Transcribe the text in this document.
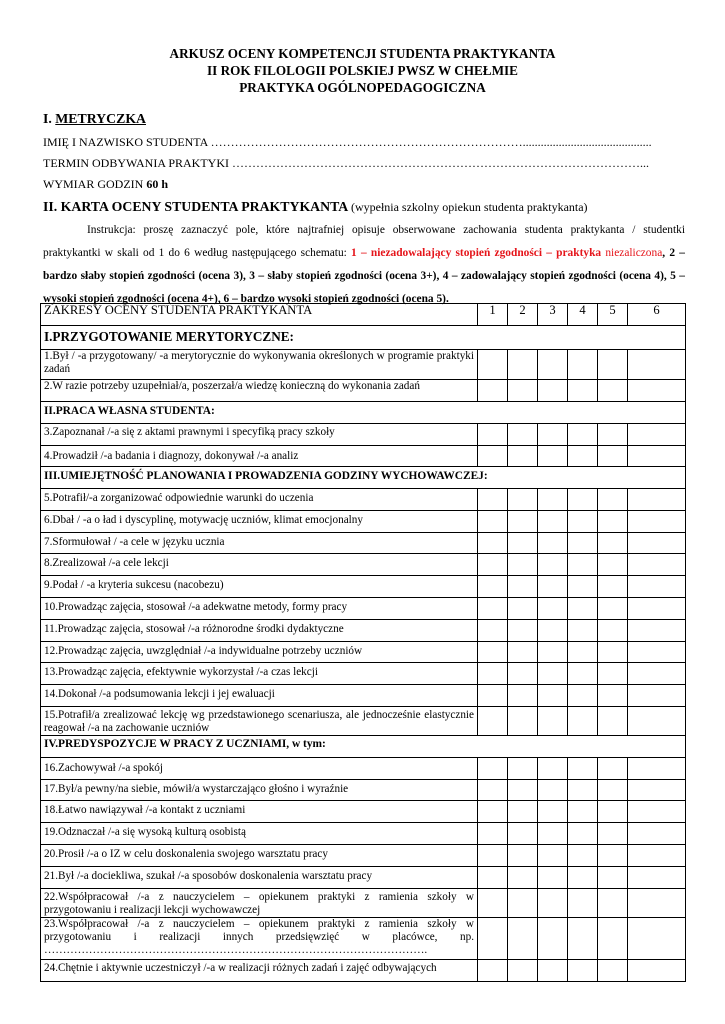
ARKUSZ OCENY KOMPETENCJI STUDENTA PRAKTYKANTA
II ROK FILOLOGII POLSKIEJ PWSZ W CHEŁMIE
PRAKTYKA OGÓLNOPEDAGOGICZNA
I. METRYCZKA
IMIĘ I NAZWISKO STUDENTA ……………………………………………………………………...........................................
TERMIN ODBYWANIA PRAKTYKI …………………………………………………………………………………………...
WYMIAR GODZIN 60 h
II. KARTA OCENY STUDENTA PRAKTYKANTA (wypełnia szkolny opiekun studenta praktykanta)
Instrukcja: proszę zaznaczyć pole, które najtrafniej opisuje obserwowane zachowania studenta praktykanta / studentki praktykantki w skali od 1 do 6 według następującego schematu: 1 – niezadowalający stopień zgodności – praktyka niezaliczona, 2 – bardzo słaby stopień zgodności (ocena 3), 3 – słaby stopień zgodności (ocena 3+), 4 – zadowalający stopień zgodności (ocena 4), 5 – wysoki stopień zgodności (ocena 4+), 6 – bardzo wysoki stopień zgodności (ocena 5).
ZAKRESY OCENY STUDENTA PRAKTYKANTA	1	2	3	4	5	6
I.PRZYGOTOWANIE MERYTORYCZNE:						
1.Był / -a przygotowany/ -a merytorycznie do wykonywania określonych w programie praktyki zadań						
2.W razie potrzeby uzupełniał/a, poszerzał/a wiedzę konieczną do wykonania zadań						
II.PRACA WŁASNA STUDENTA:						
3.Zapoznanał /-a się z aktami prawnymi i specyfiką pracy szkoły						
4.Prowadził /-a badania i diagnozy, dokonywał /-a analiz						
III.UMIEJĘTNOŚĆ PLANOWANIA I PROWADZENIA GODZINY WYCHOWAWCZEJ:						
5.Potrafił/-a zorganizować odpowiednie warunki do uczenia						
6.Dbał / -a o ład i dyscyplinę, motywację uczniów, klimat emocjonalny						
7.Sformułował / -a cele w języku ucznia						
8.Zrealizował /-a cele lekcji						
9.Podał / -a kryteria sukcesu (nacobezu)						
10.Prowadząc zajęcia, stosował /-a adekwatne metody, formy pracy						
11.Prowadząc zajęcia, stosował /-a różnorodne środki dydaktyczne						
12.Prowadząc zajęcia, uwzględniał /-a indywidualne potrzeby uczniów						
13.Prowadząc zajęcia, efektywnie wykorzystał /-a czas lekcji						
14.Dokonał /-a podsumowania lekcji i jej ewaluacji						
15.Potrafił/a zrealizować lekcję wg przedstawionego scenariusza, ale jednocześnie elastycznie reagował /-a na zachowanie uczniów						
IV.PREDYSPOZYCJE W PRACY Z UCZNIAMI, w tym:						
16.Zachowywał /-a spokój						
17.Był/a pewny/na siebie, mówił/a wystarczająco głośno i wyraźnie						
18.Łatwo nawiązywał /-a kontakt z uczniami						
19.Odznaczał /-a się wysoką kulturą osobistą						
20.Prosił /-a o IZ w celu doskonalenia swojego warsztatu pracy						
21.Był /-a dociekliwa, szukał /-a sposobów doskonalenia warsztatu pracy						
22.Współpracował /-a z nauczycielem – opiekunem praktyki z ramienia szkoły w przygotowaniu i realizacji lekcji wychowawczej						
23.Współpracował /-a z nauczycielem – opiekunem praktyki z ramienia szkoły w przygotowaniu i realizacji innych przedsięwzięć w placówce, np. ………………………………………………………………………………………….						
24.Chętnie i aktywnie uczestniczył /-a w realizacji różnych zadań i zajęć odbywających						
